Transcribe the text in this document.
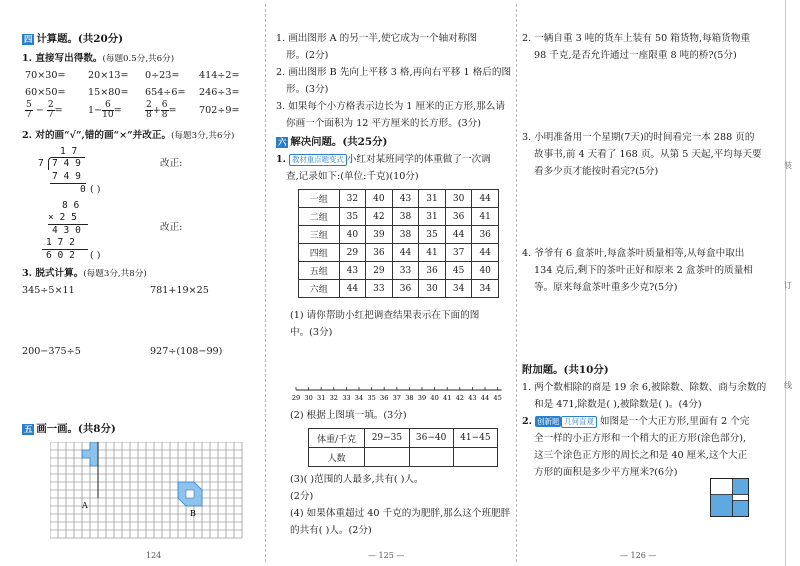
四 计算题。(共20分)
1. 直接写出得数。(每题0.5分,共6分)
70×30= 20×13= 0÷23= 414÷2=
60×50= 15×80= 654÷6= 246÷3=
$\frac{5}{7} - \frac{2}{7}$ =	$1- \frac{6}{10}$ =	$\frac{2}{8} + \frac{6}{8} = 702\div 9=$
2. 对的画“√”,错的画“×”并改正。(每题3分,共6分)
1 7
7 7 4 9
7 4 9
0 ( )
改正:
8 6
× 2 5
4 3 0
1 7 2
6 0 2 ( )
改正:
3. 脱式计算。(每题3分,共8分)
345÷5×11	781+19×25
200−375÷5	927÷(108−99)
五 画一画。(共8分)
A
B
124
1. 画出图形 A 的另一半,使它成为一个轴对称图
形。(2分)
2. 画出图形 B 先向上平移 3 格,再向右平移 1 格后的图
形。(3分)
3. 如果每个小方格表示边长为 1 厘米的正方形,那么请
你画一个面积为 12 平方厘米的长方形。(3分)
六 解决问题。(共25分)
1. 教材重点题变式 小红对某班同学的体重做了一次调
查,记录如下:(单位:千克)(10分)
一组	32	40	43	31	30	44
二组	35	42	38	31	36	41
三组	40	39	38	35	44	36
四组	29	36	44	41	37	44
五组	43	29	33	36	45	40
六组	44	33	36	30	34	34
(1) 请你帮助小红把调查结果表示在下面的图
中。(3分)
29 30 31 32 33 34 35 36 37 38 39 40 41 42 43 44 45
(2) 根据上图填一填。(3分)
体重/千克	29−35	36−40	41−45
人数			
(3)( )范围的人最多,共有( )人。
(2分)
(4) 如果体重超过 40 千克的为肥胖,那么这个班肥胖
的共有( )人。(2分)
— 125 —
2. 一辆自重 3 吨的货车上装有 50 箱货物,每箱货物重
98 千克,是否允许通过一座限重 8 吨的桥?(5分)
3. 小明准备用一个星期(7天)的时间看完一本 288 页的
故事书,前 4 天看了 168 页。从第 5 天起,平均每天要
看多少页才能按时看完?(5分)
4. 爷爷有 6 盒茶叶,每盒茶叶质量相等,从每盒中取出
134 克后,剩下的茶叶正好和原来 2 盒茶叶的质量相
等。原来每盒茶叶重多少克?(5分)
附加题。(共10分)
1. 两个数相除的商是 19 余 6,被除数、除数、商与余数的
和是 471,除数是( ),被除数是( )。(4分)
2. 创新题 几何直观 如图是一个大正方形,里面有 2 个完
全一样的小正方形和一个稍大的正方形(涂色部分),
这三个涂色正方形的周长之和是 40 厘米,这个大正
方形的面积是多少平方厘米?(6分)
— 126 —
装
订
线
